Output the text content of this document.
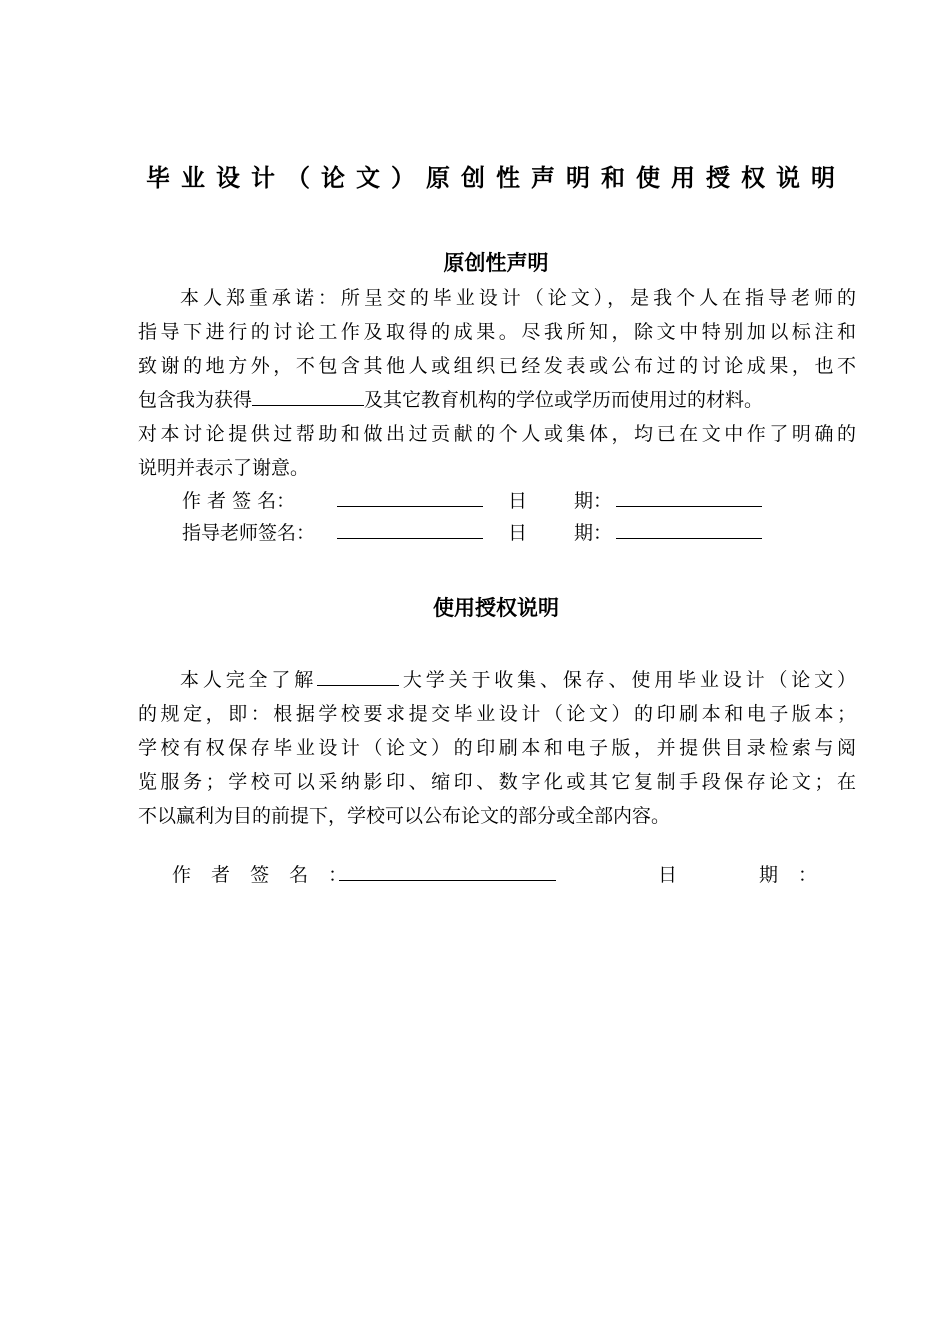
毕业设计（论文）原创性声明和使用授权说明
原创性声明
本人郑重承诺：所呈交的毕业设计（论文），是我个人在指导老师的
指导下进行的讨论工作及取得的成果。尽我所知，除文中特别加以标注和
致谢的地方外，不包含其他人或组织已经发表或公布过的讨论成果，也不
包含我为获得	及其它教育机构的学位或学历而使用过的材料。
对本讨论提供过帮助和做出过贡献的个人或集体，均已在文中作了明确的
说明并表示了谢意。
作 者 签 名：	日 期：
指导老师签名：	日 期：
使用授权说明
本人完全了解	大学关于收集、保存、使用毕业设计（论文）
的规定，即：根据学校要求提交毕业设计（论文）的印刷本和电子版本；
学校有权保存毕业设计（论文）的印刷本和电子版，并提供目录检索与阅
览服务；学校可以采纳影印、缩印、数字化或其它复制手段保存论文；在
不以赢利为目的前提下，学校可以公布论文的部分或全部内容。
作 者 签 名 ：	日	期 ：
